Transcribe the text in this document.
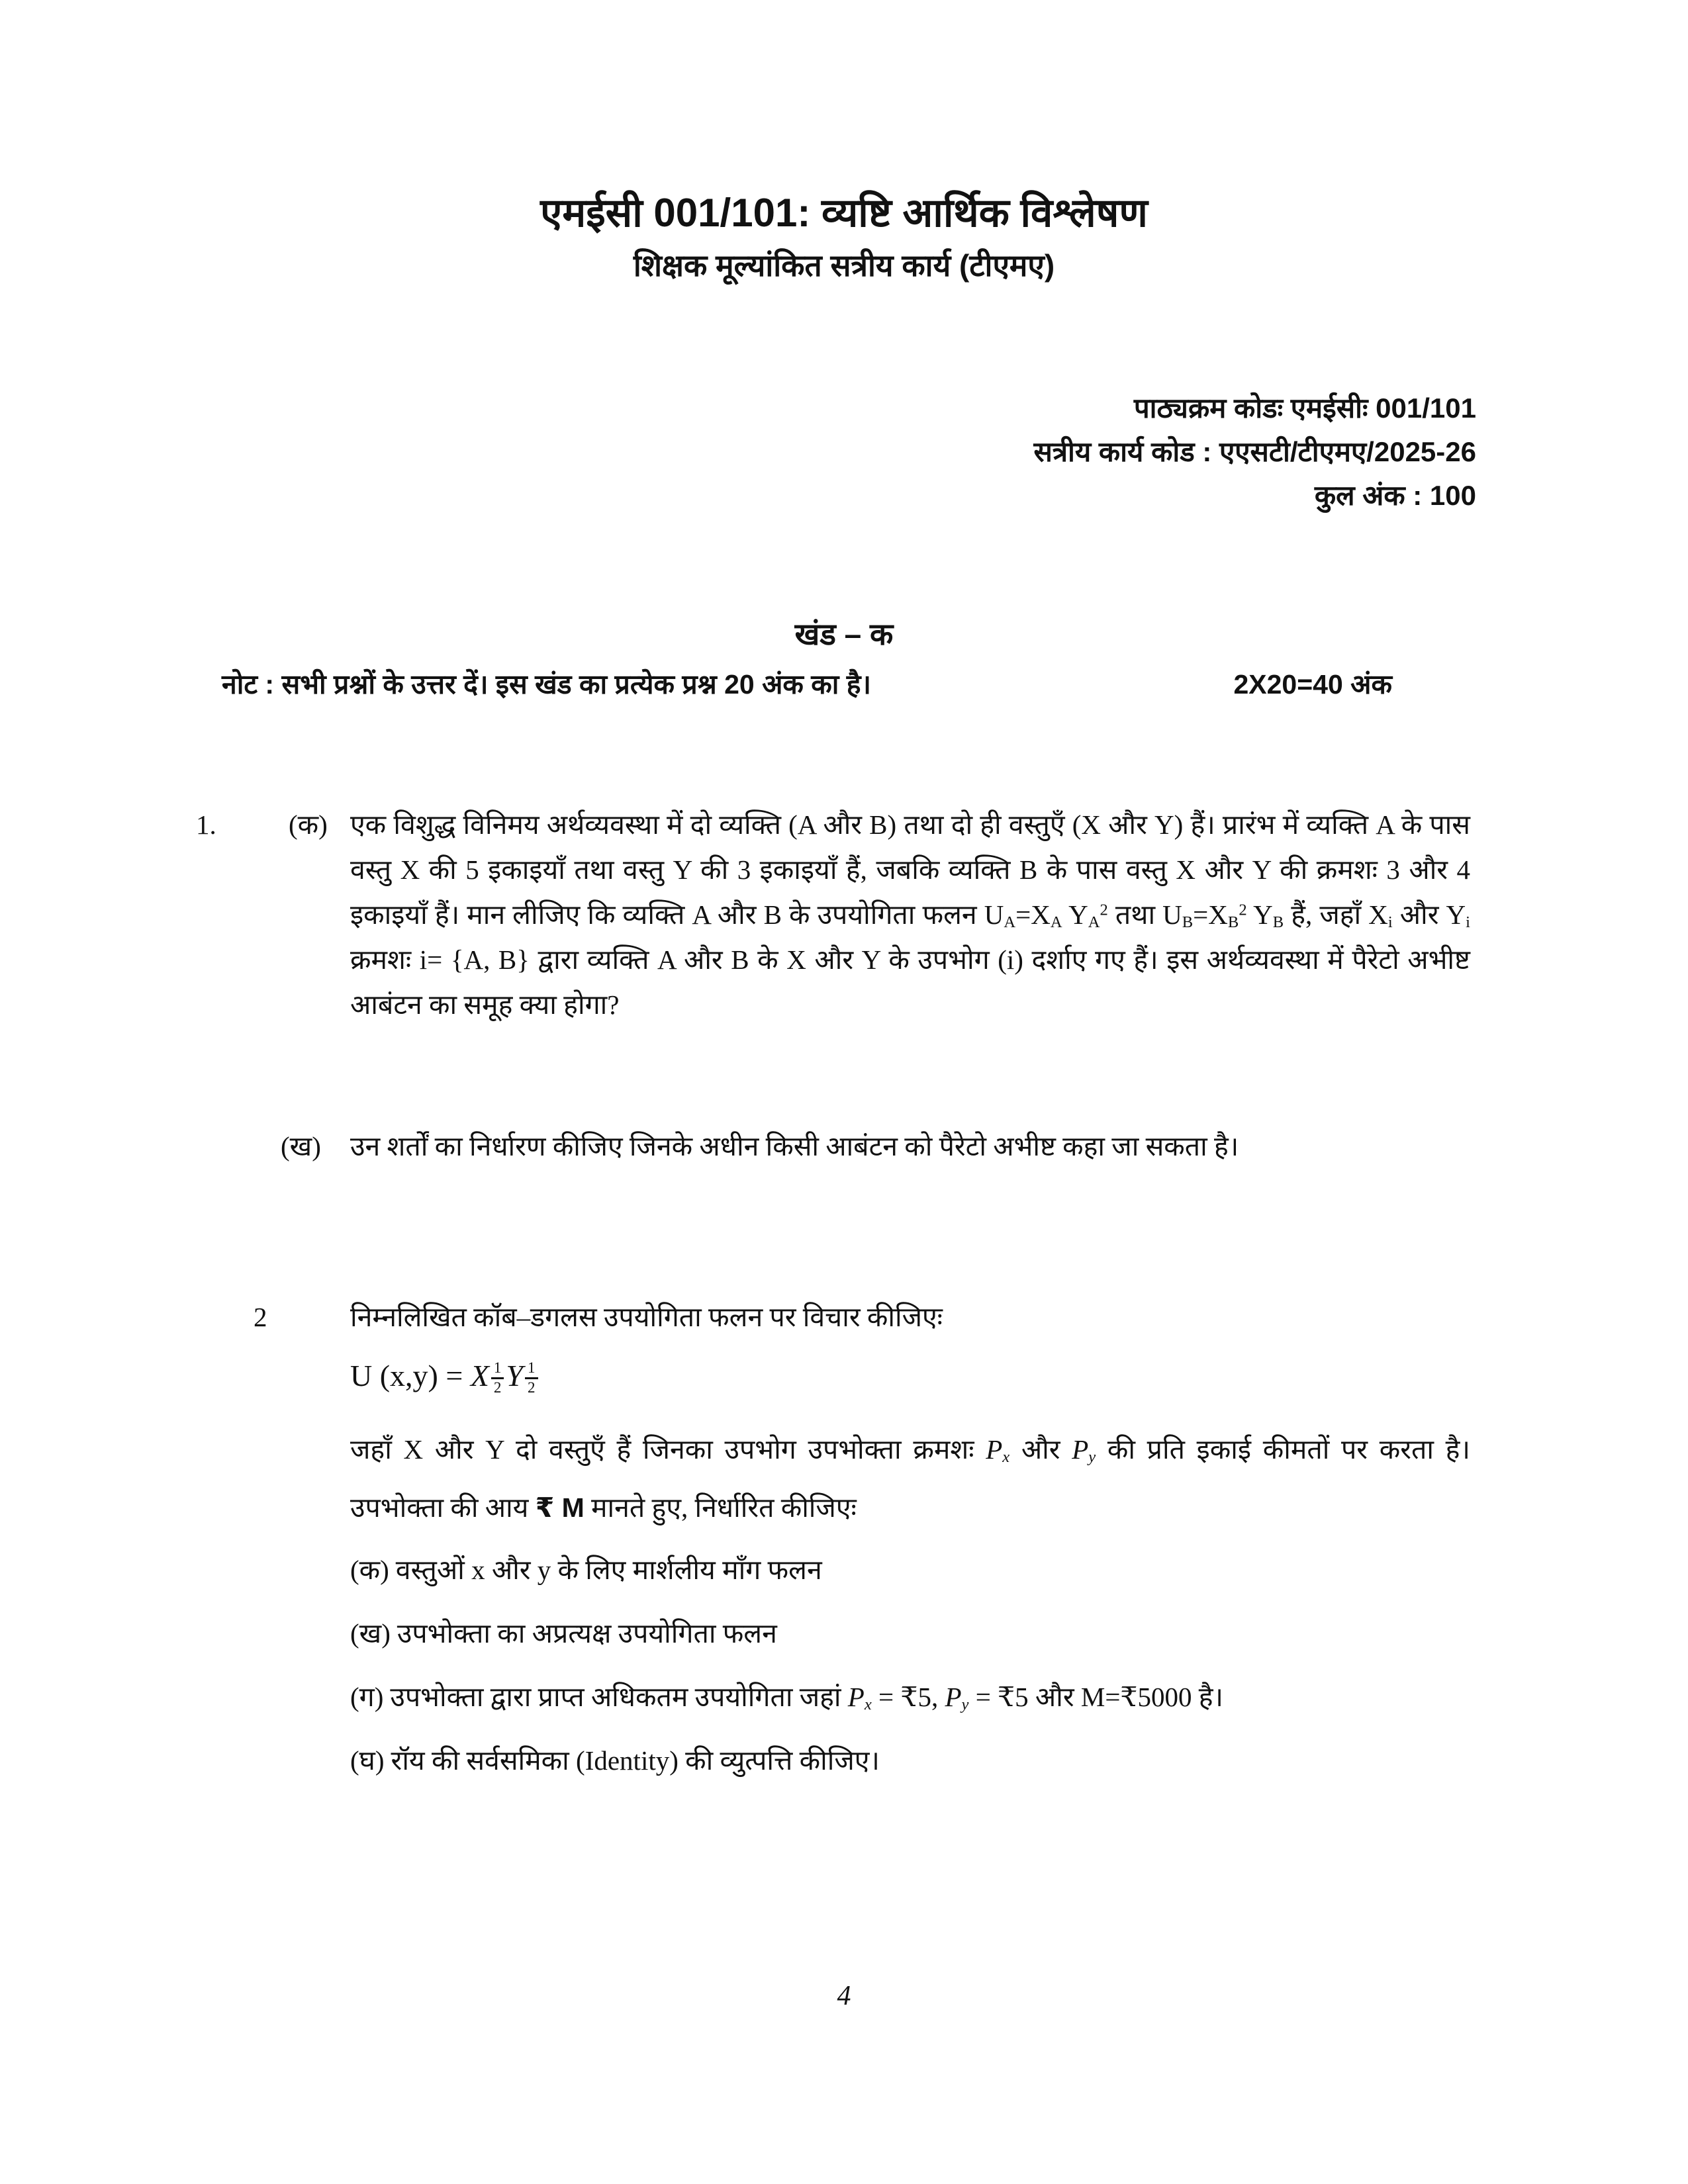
एमईसी 001/101: व्यष्टि आर्थिक विश्लेषण
शिक्षक मूल्यांकित सत्रीय कार्य (टीएमए)
पाठ्यक्रम कोडः एमईसीः 001/101
सत्रीय कार्य कोड : एएसटी/टीएमए/2025-26
कुल अंक : 100
खंड – क
नोट : सभी प्रश्नों के उत्तर दें। इस खंड का प्रत्येक प्रश्न 20 अंक का है।	2X20=40 अंक
1.	(क) एक विशुद्ध विनिमय अर्थव्यवस्था में दो व्यक्ति (A और B) तथा दो ही वस्तुएँ (X और Y) हैं। प्रारंभ में व्यक्ति A के पास वस्तु X की 5 इकाइयाँ तथा वस्तु Y की 3 इकाइयाँ हैं, जबकि व्यक्ति B के पास वस्तु X और Y की क्रमशः 3 और 4 इकाइयाँ हैं। मान लीजिए कि व्यक्ति A और B के उपयोगिता फलन $U_A=X_A$ $Y_A^2$ तथा $U_B=X_B^2$ $Y_B$ हैं, जहाँ $X_i$ और $Y_i$ क्रमशः i= {A, B} द्वारा व्यक्ति A और B के X और Y के उपभोग (i) दर्शाए गए हैं। इस अर्थव्यवस्था में पैरेटो अभीष्ट आबंटन का समूह क्या होगा?
(ख) उन शर्तों का निर्धारण कीजिए जिनके अधीन किसी आबंटन को पैरेटो अभीष्ट कहा जा सकता है।
2	निम्नलिखित कॉब–डगलस उपयोगिता फलन पर विचार कीजिएः
U (x,y) = X $\frac{1}{2}$ Y $\frac{1}{2}$
जहाँ X और Y दो वस्तुएँ हैं जिनका उपभोग उपभोक्ता क्रमशः $P_x$ और $P_y$ की प्रति इकाई कीमतों पर करता है। उपभोक्ता की आय ₹ M मानते हुए, निर्धारित कीजिएः
(क) वस्तुओं x और y के लिए मार्शलीय माँग फलन
(ख) उपभोक्ता का अप्रत्यक्ष उपयोगिता फलन
(ग) उपभोक्ता द्वारा प्राप्त अधिकतम उपयोगिता जहां $P_x$ = ₹5, $P_y$ = ₹5 और M=₹5000 है।
(घ) रॉय की सर्वसमिका (Identity) की व्युत्पत्ति कीजिए।
4
